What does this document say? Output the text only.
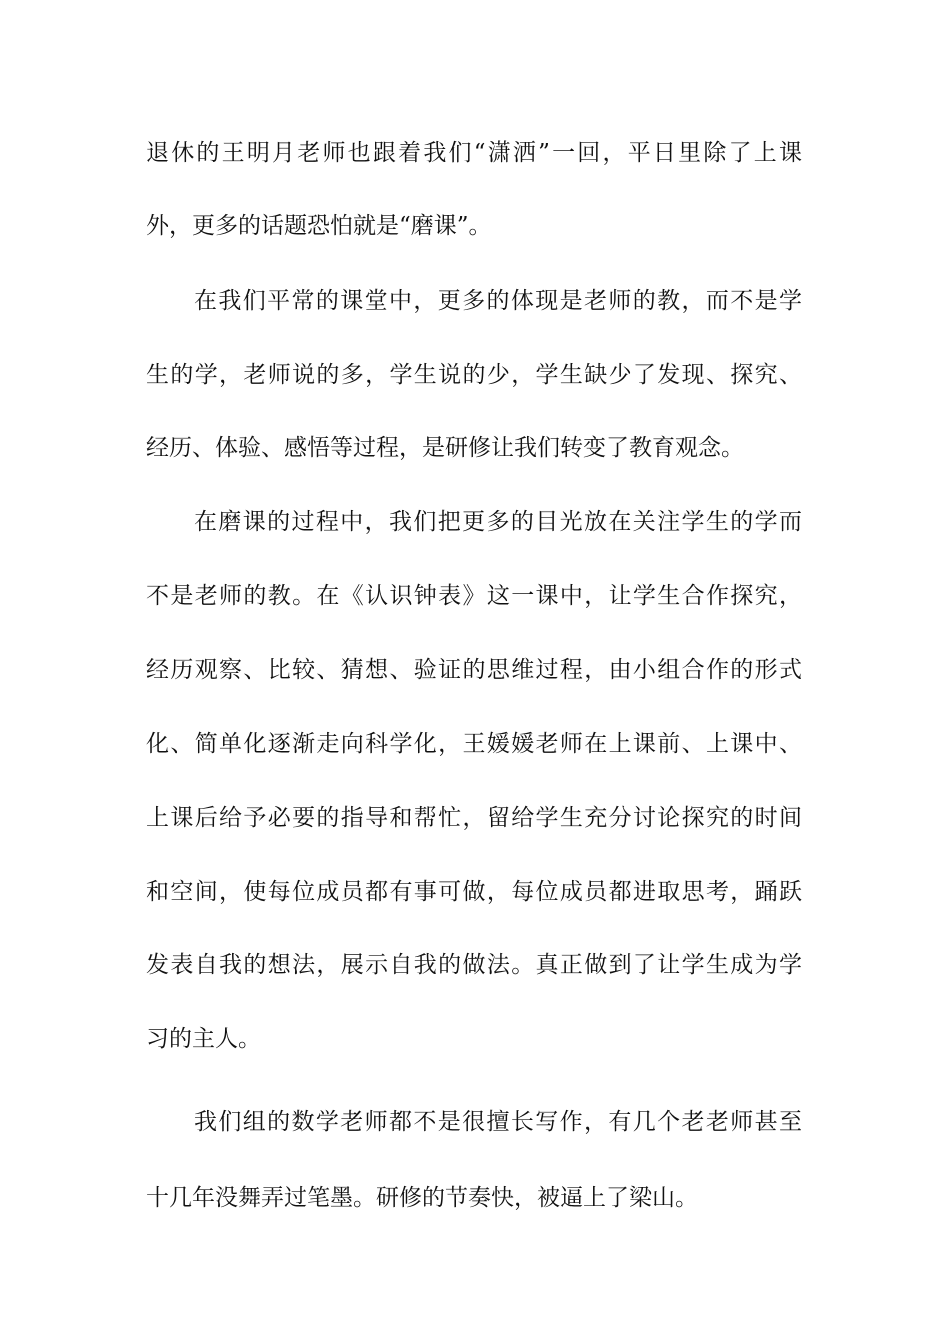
退休的王明月老师也跟着我们“潇洒”一回，平日里除了上课
外，更多的话题恐怕就是“磨课”。
在我们平常的课堂中，更多的体现是老师的教，而不是学
生的学，老师说的多，学生说的少，学生缺少了发现、探究、
经历、体验、感悟等过程，是研修让我们转变了教育观念。
在磨课的过程中，我们把更多的目光放在关注学生的学而
不是老师的教。在《认识钟表》这一课中，让学生合作探究，
经历观察、比较、猜想、验证的思维过程，由小组合作的形式
化、简单化逐渐走向科学化，王媛媛老师在上课前、上课中、
上课后给予必要的指导和帮忙，留给学生充分讨论探究的时间
和空间，使每位成员都有事可做，每位成员都进取思考，踊跃
发表自我的想法，展示自我的做法。真正做到了让学生成为学
习的主人。
我们组的数学老师都不是很擅长写作，有几个老老师甚至
十几年没舞弄过笔墨。研修的节奏快，被逼上了梁山。
